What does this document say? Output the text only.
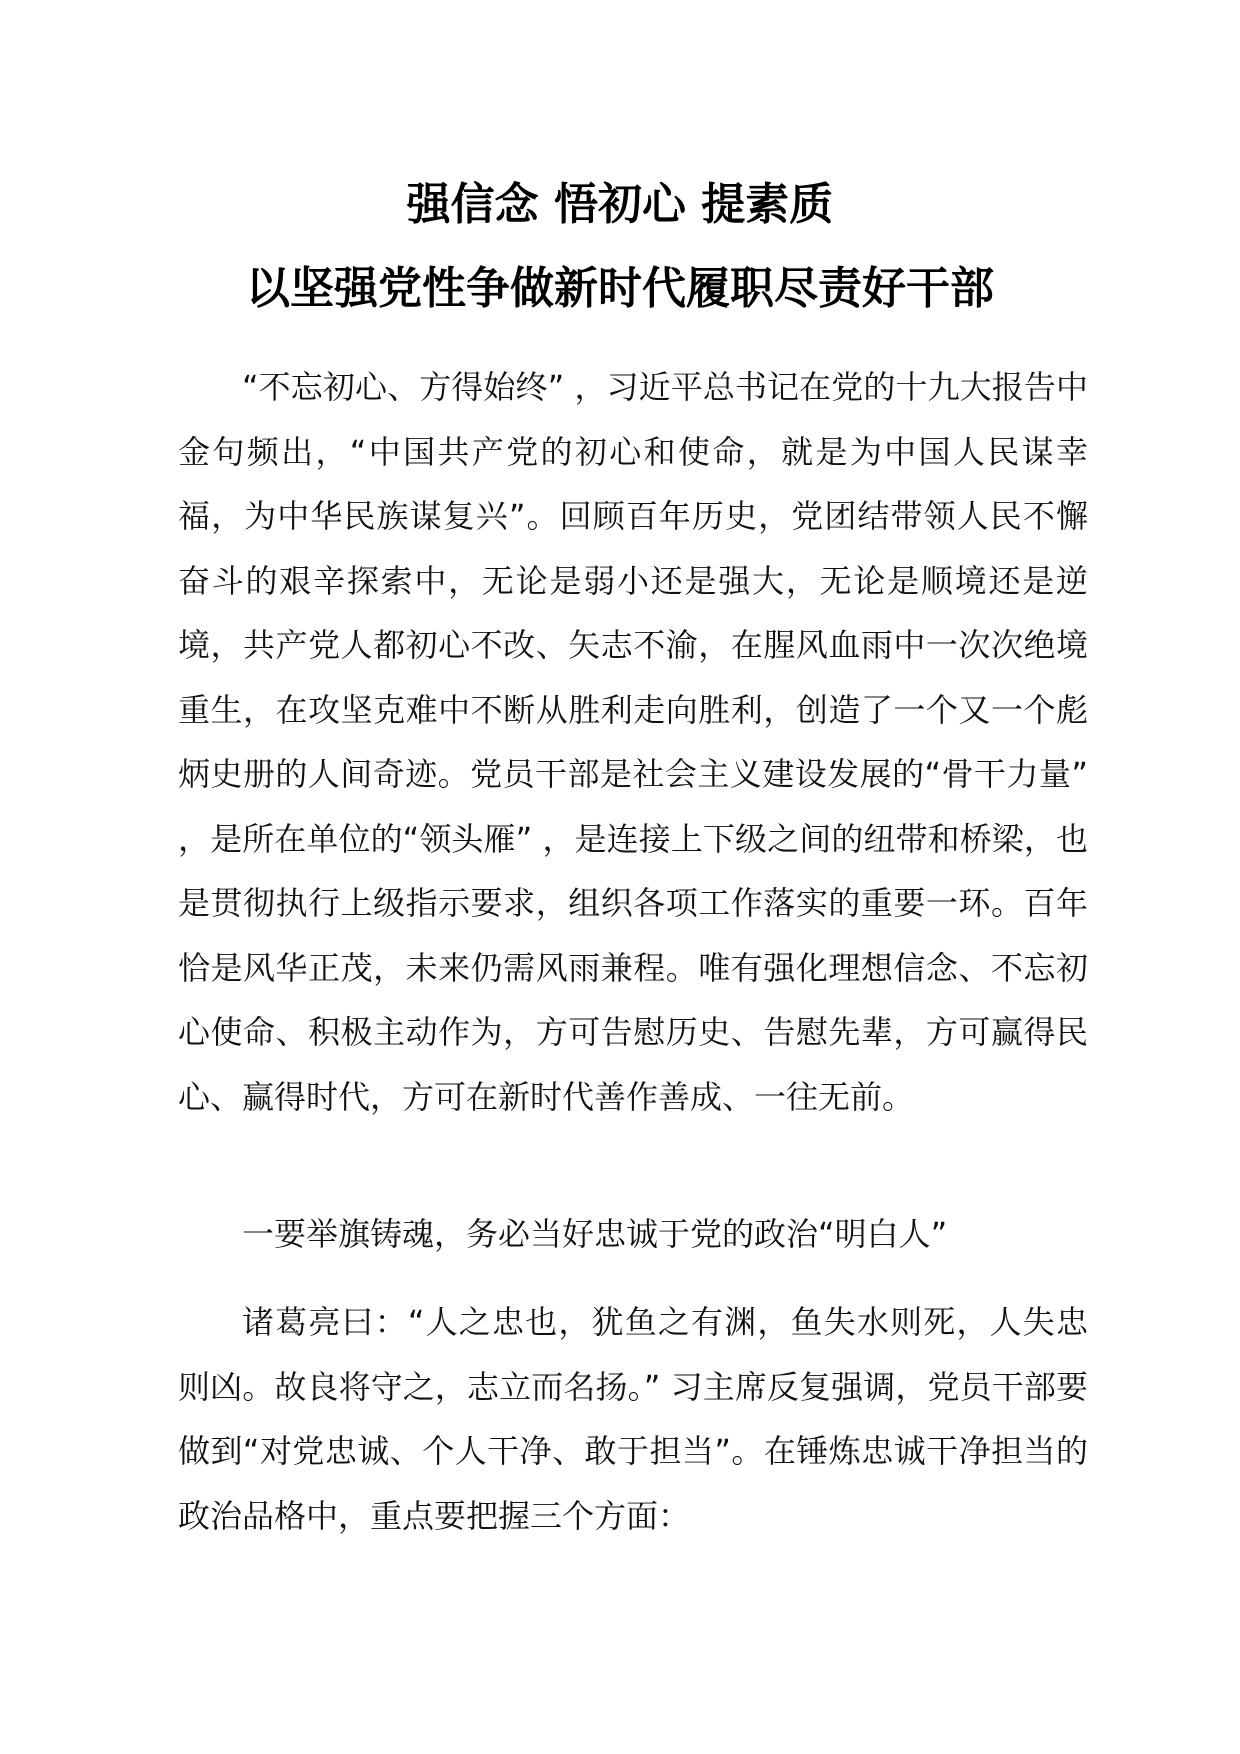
强信念 悟初心 提素质
以坚强党性争做新时代履职尽责好干部

“不忘初心、方得始终” ，习近平总书记在党的十九大报告中金句频出，“中国共产党的初心和使命，就是为中国人民谋幸福，为中华民族谋复兴”。回顾百年历史，党团结带领人民不懈奋斗的艰辛探索中，无论是弱小还是强大，无论是顺境还是逆境，共产党人都初心不改、矢志不渝，在腥风血雨中一次次绝境重生，在攻坚克难中不断从胜利走向胜利，创造了一个又一个彪炳史册的人间奇迹。党员干部是社会主义建设发展的“骨干力量” ，是所在单位的“领头雁” ，是连接上下级之间的纽带和桥梁，也是贯彻执行上级指示要求，组织各项工作落实的重要一环。百年恰是风华正茂，未来仍需风雨兼程。唯有强化理想信念、不忘初心使命、积极主动作为，方可告慰历史、告慰先辈，方可赢得民心、赢得时代，方可在新时代善作善成、一往无前。

一要举旗铸魂，务必当好忠诚于党的政治“明白人”

诸葛亮曰：“人之忠也，犹鱼之有渊，鱼失水则死，人失忠则凶。故良将守之，志立而名扬。” 习主席反复强调，党员干部要做到“对党忠诚、个人干净、敢于担当”。在锤炼忠诚干净担当的政治品格中，重点要把握三个方面：
